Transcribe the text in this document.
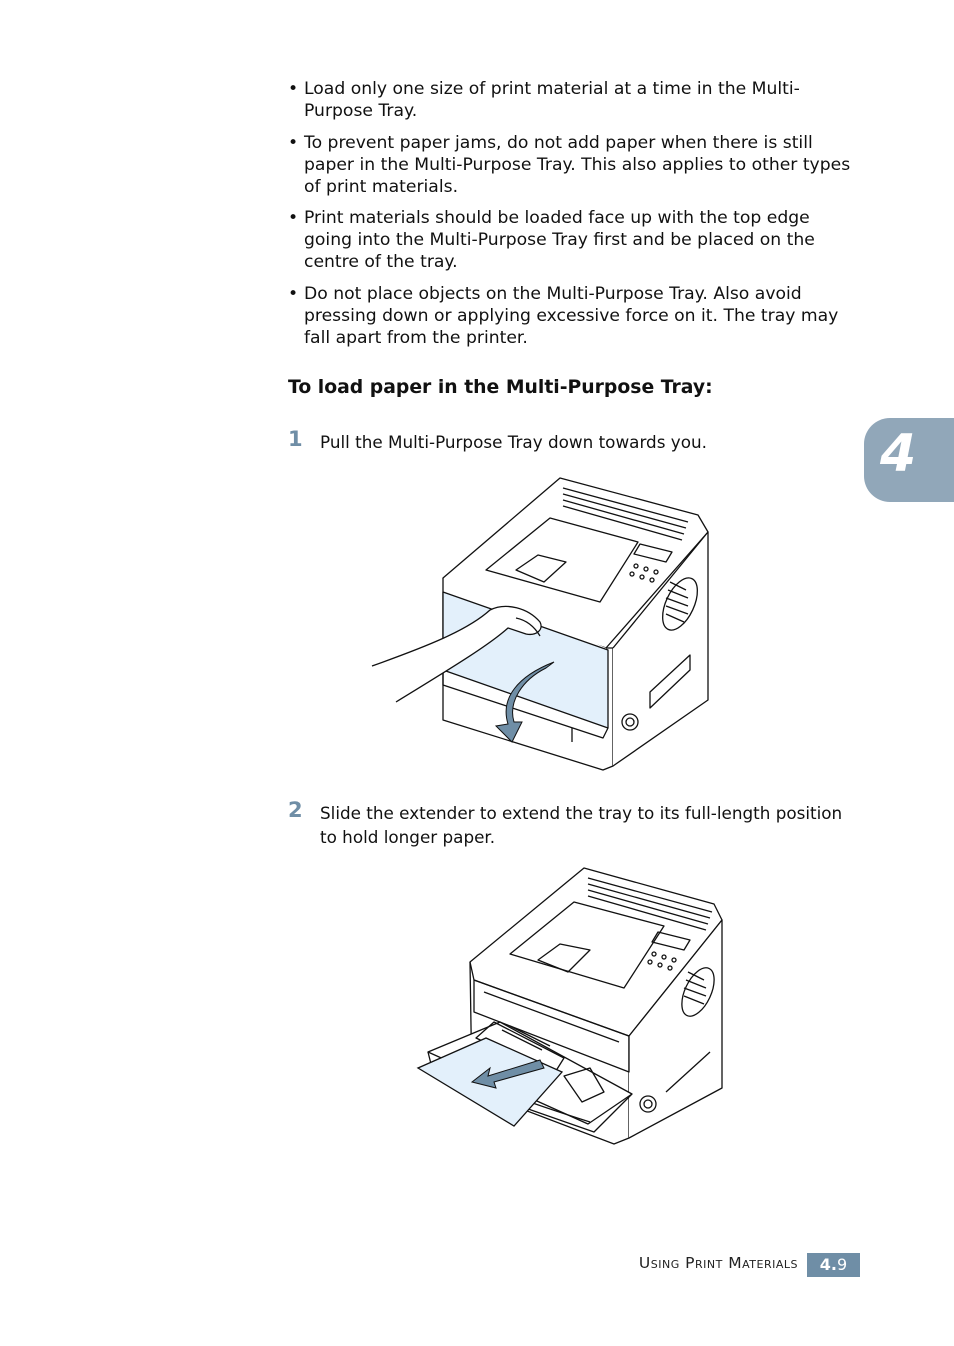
• Load only one size of print material at a time in the Multi-Purpose Tray.
• To prevent paper jams, do not add paper when there is still paper in the Multi-Purpose Tray. This also applies to other types of print materials.
• Print materials should be loaded face up with the top edge going into the Multi-Purpose Tray first and be placed on the centre of the tray.
• Do not place objects on the Multi-Purpose Tray. Also avoid pressing down or applying excessive force on it. The tray may fall apart from the printer.
To load paper in the Multi-Purpose Tray:
1 Pull the Multi-Purpose Tray down towards you.
2 Slide the extender to extend the tray to its full-length position to hold longer paper.
4
Using Print Materials	4.9
